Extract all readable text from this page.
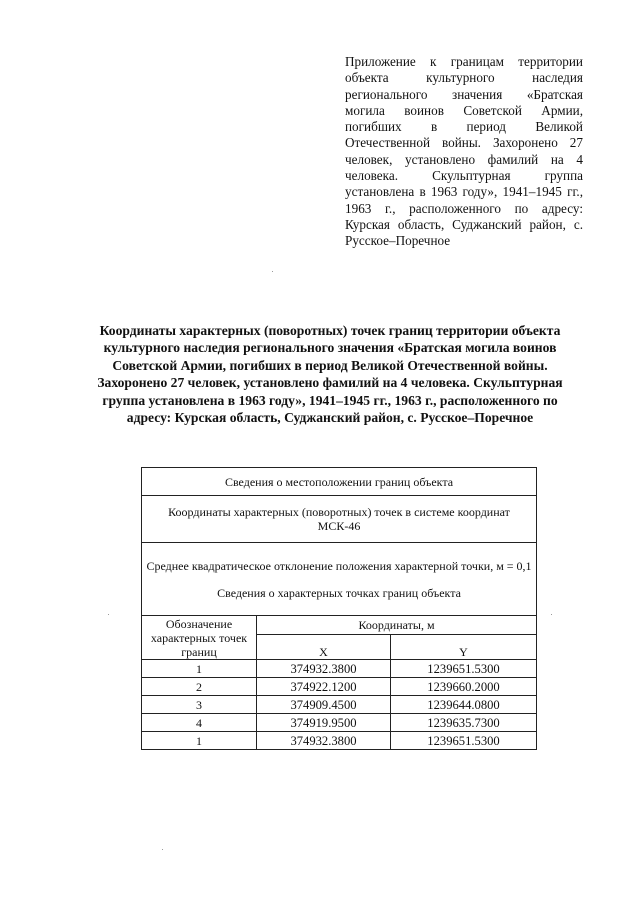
Приложение к границам территории объекта культурного наследия регионального значения «Братская могила воинов Советской Армии, погибших в период Великой Отечественной войны. Захоронено 27 человек, установлено фамилий на 4 человека. Скульптурная группа установлена в 1963 году», 1941–1945 гг., 1963 г., расположенного по адресу: Курская область, Суджанский район, с. Русское–Поречное
Координаты характерных (поворотных) точек границ территории объекта культурного наследия регионального значения «Братская могила воинов Советской Армии, погибших в период Великой Отечественной войны. Захоронено 27 человек, установлено фамилий на 4 человека. Скульптурная группа установлена в 1963 году», 1941–1945 гг., 1963 г., расположенного по адресу: Курская область, Суджанский район, с. Русское–Поречное
Сведения о местоположении границ объекта		
Координаты характерных (поворотных) точек в системе координат МСК-46		
Среднее квадратическое отклонение положения характерной точки, м = 0,1
Сведения о характерных точках границ объекта		
Обозначение характерных точек границ	Координаты, м	
	X	Y
1	374932.3800	1239651.5300
2	374922.1200	1239660.2000
3	374909.4500	1239644.0800
4	374919.9500	1239635.7300
1	374932.3800	1239651.5300
